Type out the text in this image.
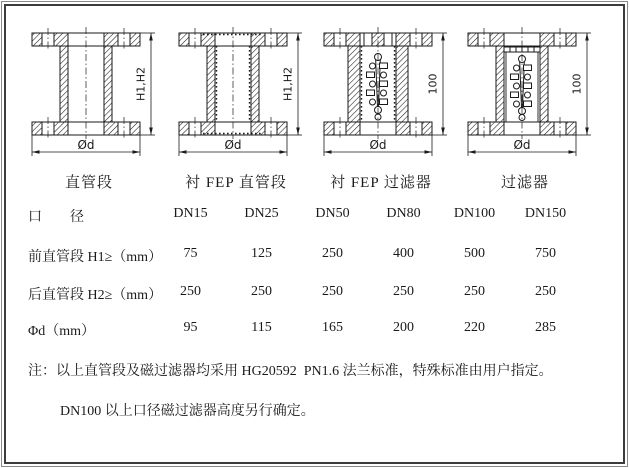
H1,H2
Ød
H1,H2
Ød
100
Ød
100
Ød
直管段	衬 FEP 直管段	衬 FEP 过滤器	过滤器
口　　径	DN15	DN25	DN50	DN80	DN100	DN150
前直管段 H1≥（mm）	75	125	250	400	500	750
后直管段 H2≥（mm）	250	250	250	250	250	250
Φd（mm）	95	115	165	200	220	285
注：以上直管段及磁过滤器均采用 HG20592  PN1.6 法兰标准，特殊标准由用户指定。
DN100 以上口径磁过滤器高度另行确定。
